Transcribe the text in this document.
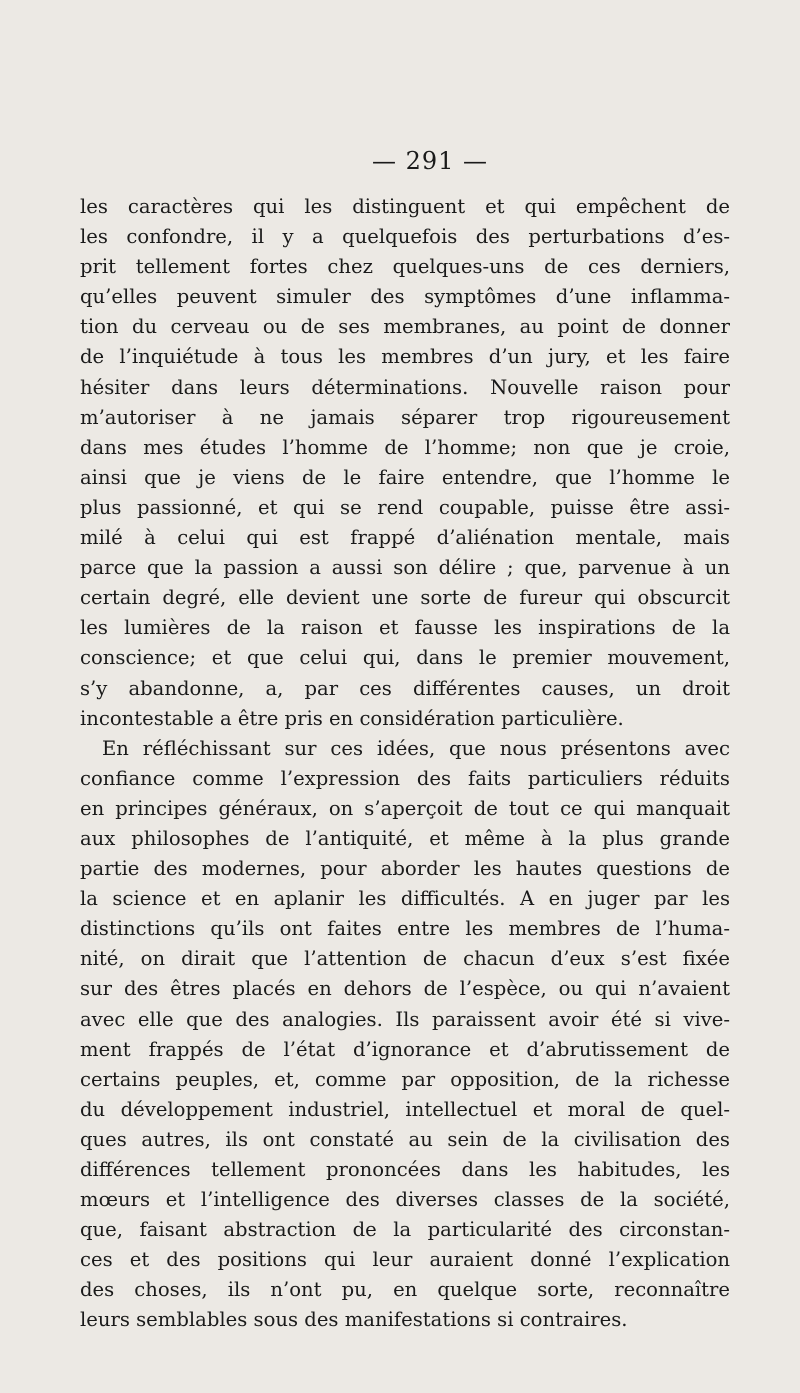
— 291 —
les caractères qui les distinguent et qui empêchent de
les confondre, il y a quelquefois des perturbations d’es-
prit tellement fortes chez quelques-uns de ces derniers,
qu’elles peuvent simuler des symptômes d’une inflamma-
tion du cerveau ou de ses membranes, au point de donner
de l’inquiétude à tous les membres d’un jury, et les faire
hésiter dans leurs déterminations. Nouvelle raison pour
m’autoriser à ne jamais séparer trop rigoureusement
dans mes études l’homme de l’homme; non que je croie,
ainsi que je viens de le faire entendre, que l’homme le
plus passionné, et qui se rend coupable, puisse être assi-
milé à celui qui est frappé d’aliénation mentale, mais
parce que la passion a aussi son délire ; que, parvenue à un
certain degré, elle devient une sorte de fureur qui obscurcit
les lumières de la raison et fausse les inspirations de la
conscience; et que celui qui, dans le premier mouvement,
s’y abandonne, a, par ces différentes causes, un droit
incontestable a être pris en considération particulière.
En réfléchissant sur ces idées, que nous présentons avec
confiance comme l’expression des faits particuliers réduits
en principes généraux, on s’aperçoit de tout ce qui manquait
aux philosophes de l’antiquité, et même à la plus grande
partie des modernes, pour aborder les hautes questions de
la science et en aplanir les difficultés. A en juger par les
distinctions qu’ils ont faites entre les membres de l’huma-
nité, on dirait que l’attention de chacun d’eux s’est fixée
sur des êtres placés en dehors de l’espèce, ou qui n’avaient
avec elle que des analogies. Ils paraissent avoir été si vive-
ment frappés de l’état d’ignorance et d’abrutissement de
certains peuples, et, comme par opposition, de la richesse
du développement industriel, intellectuel et moral de quel-
ques autres, ils ont constaté au sein de la civilisation des
différences tellement prononcées dans les habitudes, les
mœurs et l’intelligence des diverses classes de la société,
que, faisant abstraction de la particularité des circonstan-
ces et des positions qui leur auraient donné l’explication
des choses, ils n’ont pu, en quelque sorte, reconnaître
leurs semblables sous des manifestations si contraires.
